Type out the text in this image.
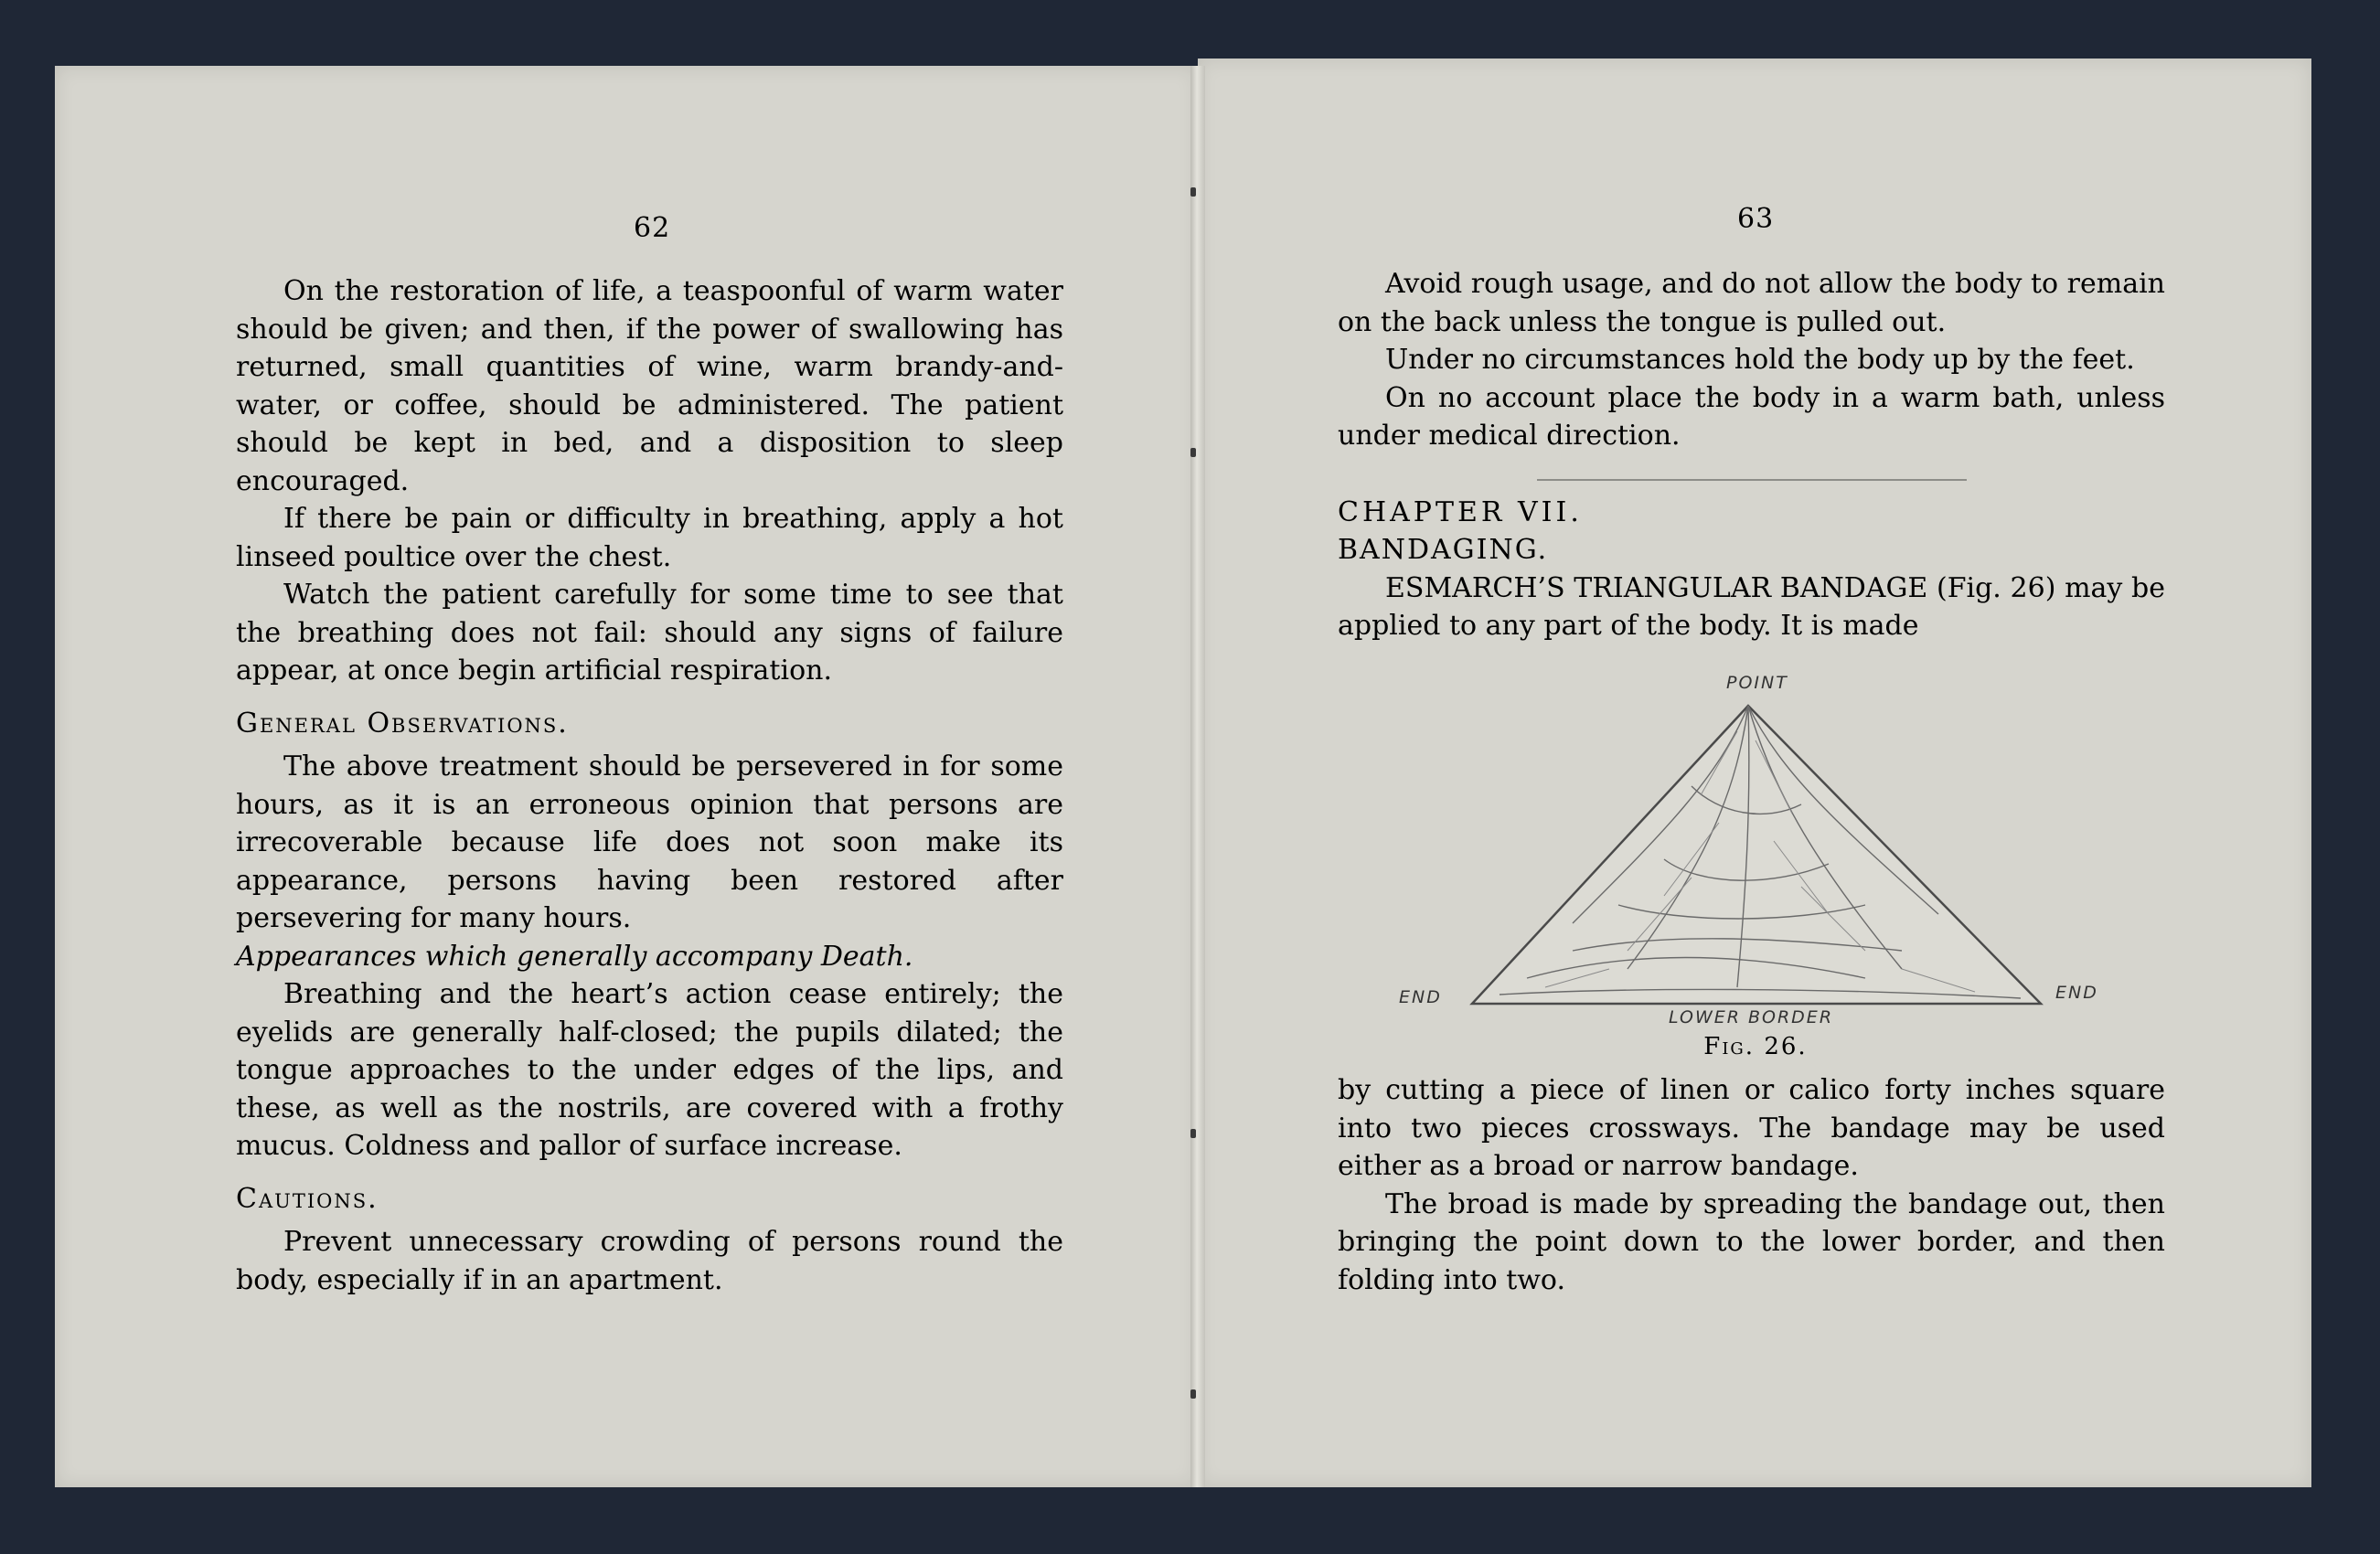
62

On the restoration of life, a teaspoonful of warm water should be given; and then, if the power of swallowing has returned, small quantities of wine, warm brandy-and-water, or coffee, should be administered. The patient should be kept in bed, and a disposition to sleep encouraged.

If there be pain or difficulty in breathing, apply a hot linseed poultice over the chest.

Watch the patient carefully for some time to see that the breathing does not fail: should any signs of failure appear, at once begin artificial respiration.

General Observations.

The above treatment should be persevered in for some hours, as it is an erroneous opinion that persons are irrecoverable because life does not soon make its appearance, persons having been restored after persevering for many hours.

Appearances which generally accompany Death.

Breathing and the heart’s action cease entirely; the eyelids are generally half-closed; the pupils dilated; the tongue approaches to the under edges of the lips, and these, as well as the nostrils, are covered with a frothy mucus. Coldness and pallor of surface increase.

Cautions.

Prevent unnecessary crowding of persons round the body, especially if in an apartment.

63

Avoid rough usage, and do not allow the body to remain on the back unless the tongue is pulled out.

Under no circumstances hold the body up by the feet.

On no account place the body in a warm bath, unless under medical direction.

CHAPTER VII.

BANDAGING.

ESMARCH’S TRIANGULAR BANDAGE (Fig. 26) may be applied to any part of the body. It is made

POINT
END	END
LOWER BORDER
Fig. 26.

by cutting a piece of linen or calico forty inches square into two pieces crossways. The bandage may be used either as a broad or narrow bandage.

The broad is made by spreading the bandage out, then bringing the point down to the lower border, and then folding into two.
